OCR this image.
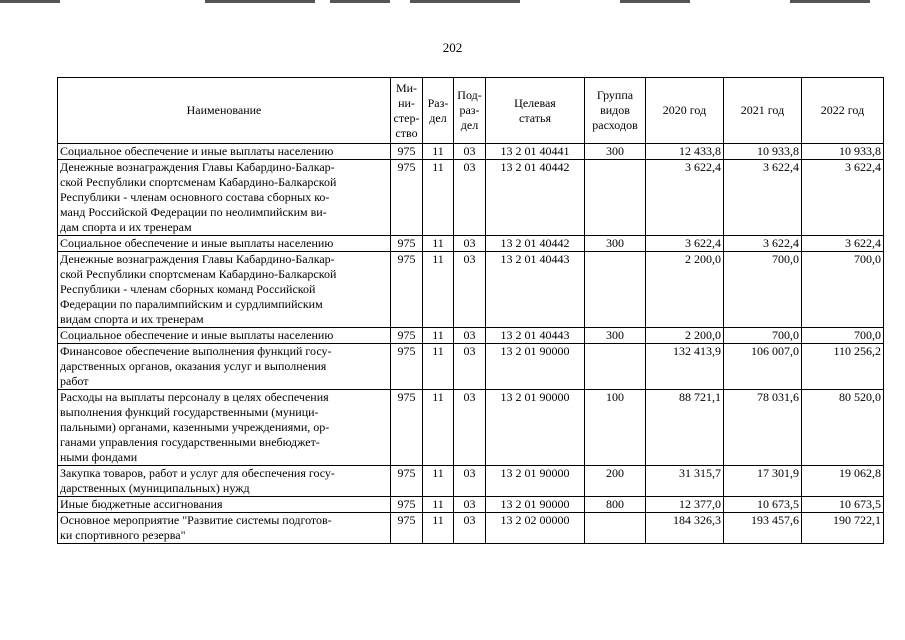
202
Наименование	Ми-
ни-
стер-
ство	Раз-
дел	Под-
раз-
дел	Целевая
статья	Группа
видов
расходов	2020 год	2021 год	2022 год
Социальное обеспечение и иные выплаты населению	975	11	03	13 2 01 40441	300	12 433,8	10 933,8	10 933,8
Денежные вознаграждения Главы Кабардино-Балкар-
ской Республики спортсменам Кабардино-Балкарской
Республики - членам основного состава сборных ко-
манд Российской Федерации по неолимпийским ви-
дам спорта и их тренерам	975	11	03	13 2 01 40442		3 622,4	3 622,4	3 622,4
Социальное обеспечение и иные выплаты населению	975	11	03	13 2 01 40442	300	3 622,4	3 622,4	3 622,4
Денежные вознаграждения Главы Кабардино-Балкар-
ской Республики спортсменам Кабардино-Балкарской
Республики - членам сборных команд Российской
Федерации по паралимпийским и сурдлимпийским
видам спорта и их тренерам	975	11	03	13 2 01 40443		2 200,0	700,0	700,0
Социальное обеспечение и иные выплаты населению	975	11	03	13 2 01 40443	300	2 200,0	700,0	700,0
Финансовое обеспечение выполнения функций госу-
дарственных органов, оказания услуг и выполнения
работ	975	11	03	13 2 01 90000		132 413,9	106 007,0	110 256,2
Расходы на выплаты персоналу в целях обеспечения
выполнения функций государственными (муници-
пальными) органами, казенными учреждениями, ор-
ганами управления государственными внебюджет-
ными фондами	975	11	03	13 2 01 90000	100	88 721,1	78 031,6	80 520,0
Закупка товаров, работ и услуг для обеспечения госу-
дарственных (муниципальных) нужд	975	11	03	13 2 01 90000	200	31 315,7	17 301,9	19 062,8
Иные бюджетные ассигнования	975	11	03	13 2 01 90000	800	12 377,0	10 673,5	10 673,5
Основное мероприятие "Развитие системы подготов-
ки спортивного резерва"	975	11	03	13 2 02 00000		184 326,3	193 457,6	190 722,1
